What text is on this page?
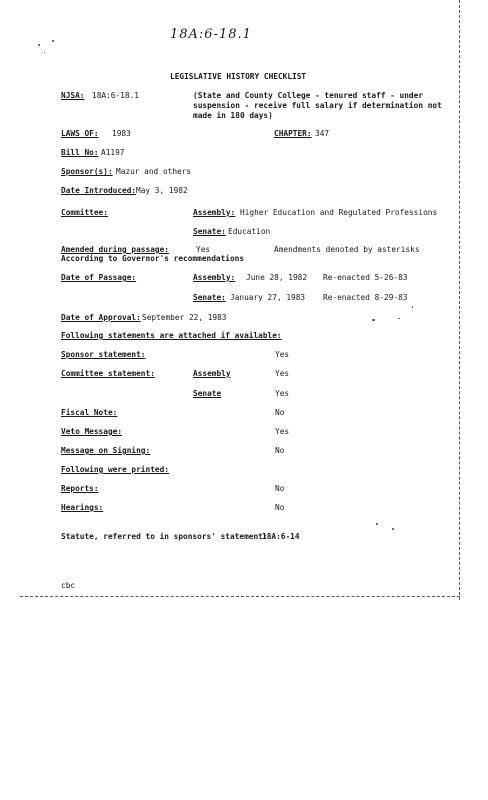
18A:6-18.1
LEGISLATIVE HISTORY CHECKLIST
NJSA: 18A:6-18.1	(State and County College - tenured staff - under
suspension - receive full salary if determination not
made in 180 days)
LAWS OF: 1983	CHAPTER: 347
Bill No: A1197
Sponsor(s): Mazur and others
Date Introduced: May 3, 1982
Committee:	Assembly: Higher Education and Regulated Professions
Senate: Education
Amended during passage:	Yes	Amendments denoted by asterisks
According to Governor's recommendations
Date of Passage:	Assembly: June 28, 1982 Re-enacted 5-26-83
Senate: January 27, 1983 Re-enacted 8-29-83
Date of Approval: September 22, 1983
Following statements are attached if available:
Sponsor statement:	Yes
Committee statement:	Assembly	Yes
Senate	Yes
Fiscal Note:	No
Veto Message:	Yes
Message on Signing:	No
Following were printed:
Reports:	No
Hearings:	No
Statute, referred to in sponsors' statement:
18A:6-14
cbc
